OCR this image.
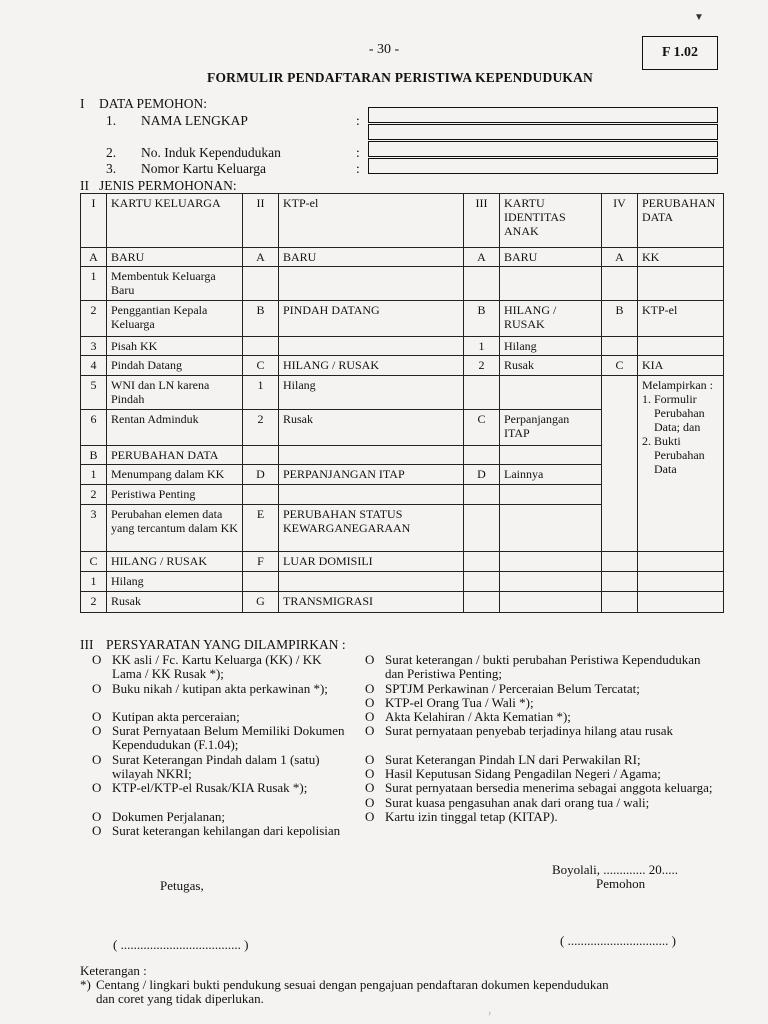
- 30 -	F 1.02
FORMULIR PENDAFTARAN PERISTIWA KEPENDUDUKAN
I DATA PEMOHON:
1. NAMA LENGKAP	:
2. No. Induk Kependudukan	:
3. Nomor Kartu Keluarga	:
II JENIS PERMOHONAN:
I	KARTU KELUARGA	II	KTP-el	III	KARTU IDENTITAS ANAK	IV	PERUBAHAN DATA
A	BARU	A	BARU	A	BARU	A	KK
1	Membentuk Keluarga Baru						
2	Penggantian Kepala Keluarga	B	PINDAH DATANG	B	HILANG / RUSAK	B	KTP-el
3	Pisah KK			1	Hilang		
4	Pindah Datang	C	HILANG / RUSAK	2	Rusak	C	KIA
5	WNI dan LN karena Pindah	1	Hilang				Melampirkan :
1. Formulir Perubahan Data; dan
2. Bukti Perubahan Data

6	Rentan Adminduk	2	Rusak	C	Perpanjangan ITAP		
B	PERUBAHAN DATA						
1	Menumpang dalam KK	D	PERPANJANGAN ITAP	D	Lainnya		
2	Peristiwa Penting						
3	Perubahan elemen data yang tercantum dalam KK	E	PERUBAHAN STATUS KEWARGANEGARAAN				
C	HILANG / RUSAK	F	LUAR DOMISILI				
1	Hilang						
2	Rusak	G	TRANSMIGRASI				
III PERSYARATAN YANG DILAMPIRKAN :
O KK asli / Fc. Kartu Keluarga (KK) / KK Lama / KK Rusak *);
O Buku nikah / kutipan akta perkawinan *);
O Kutipan akta perceraian;
O Surat Pernyataan Belum Memiliki Dokumen Kependudukan (F.1.04);
O Surat Keterangan Pindah dalam 1 (satu) wilayah NKRI;
O KTP-el/KTP-el Rusak/KIA Rusak *);
O Dokumen Perjalanan;
O Surat keterangan kehilangan dari kepolisian
O Surat keterangan / bukti perubahan Peristiwa Kependudukan dan Peristiwa Penting;
O SPTJM Perkawinan / Perceraian Belum Tercatat;
O KTP-el Orang Tua / Wali *);
O Akta Kelahiran / Akta Kematian *);
O Surat pernyataan penyebab terjadinya hilang atau rusak
O Surat Keterangan Pindah LN dari Perwakilan RI;
O Hasil Keputusan Sidang Pengadilan Negeri / Agama;
O Surat pernyataan bersedia menerima sebagai anggota keluarga;
O Surat kuasa pengasuhan anak dari orang tua / wali;
O Kartu izin tinggal tetap (KITAP).
Boyolali, ............. 20.....
Pemohon
Petugas,
( ..................................... )	( ............................... )
Keterangan :
*) Centang / lingkari bukti pendukung sesuai dengan pengajuan pendaftaran dokumen kependudukan
dan coret yang tidak diperlukan.
▼
›
